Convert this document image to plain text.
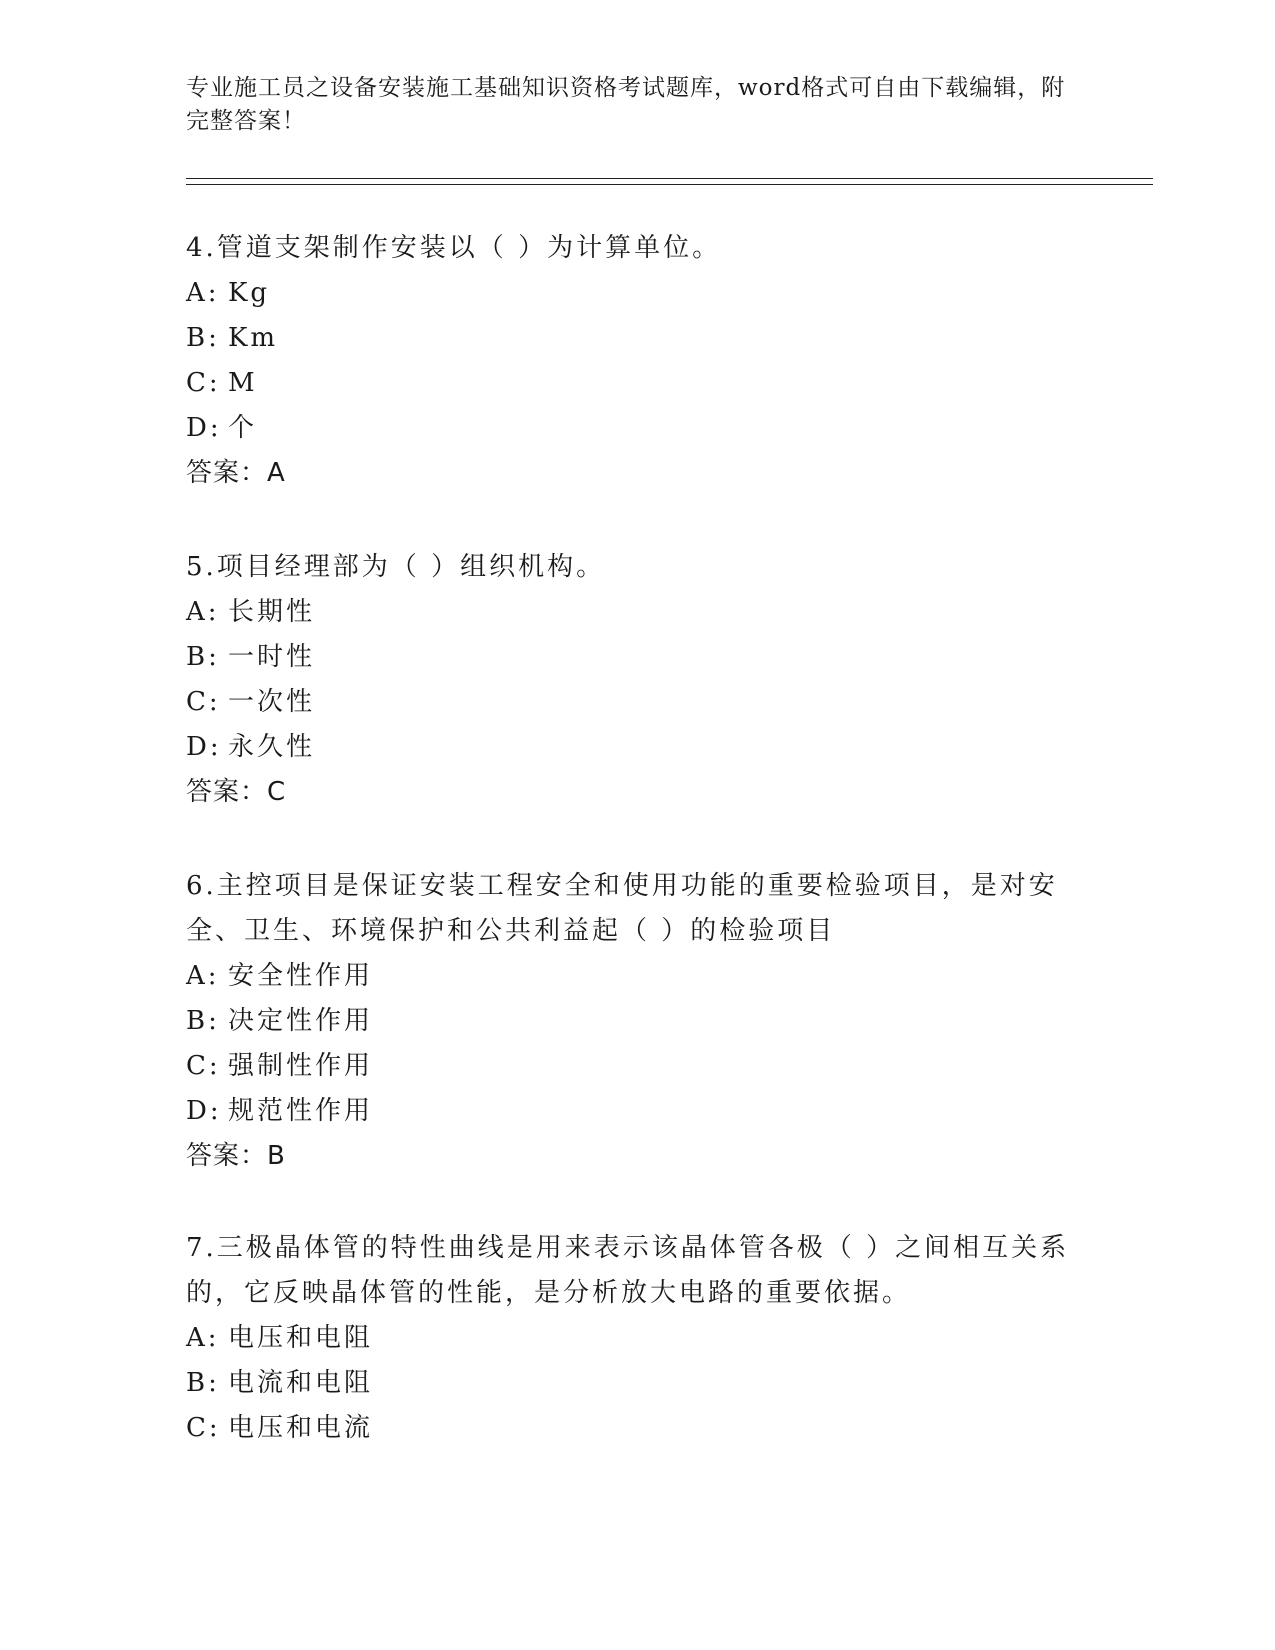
专业施工员之设备安装施工基础知识资格考试题库，word格式可自由下载编辑，附完整答案！

4.管道支架制作安装以（ ）为计算单位。

A: Kg

B: Km

C: M

D: 个

答案：A

5.项目经理部为（ ）组织机构。

A: 长期性

B: 一时性

C: 一次性

D: 永久性

答案：C

6.主控项目是保证安装工程安全和使用功能的重要检验项目，是对安全、卫生、环境保护和公共利益起（ ）的检验项目

A: 安全性作用

B: 决定性作用

C: 强制性作用

D: 规范性作用

答案：B

7.三极晶体管的特性曲线是用来表示该晶体管各极（ ）之间相互关系的，它反映晶体管的性能，是分析放大电路的重要依据。

A: 电压和电阻

B: 电流和电阻

C: 电压和电流
